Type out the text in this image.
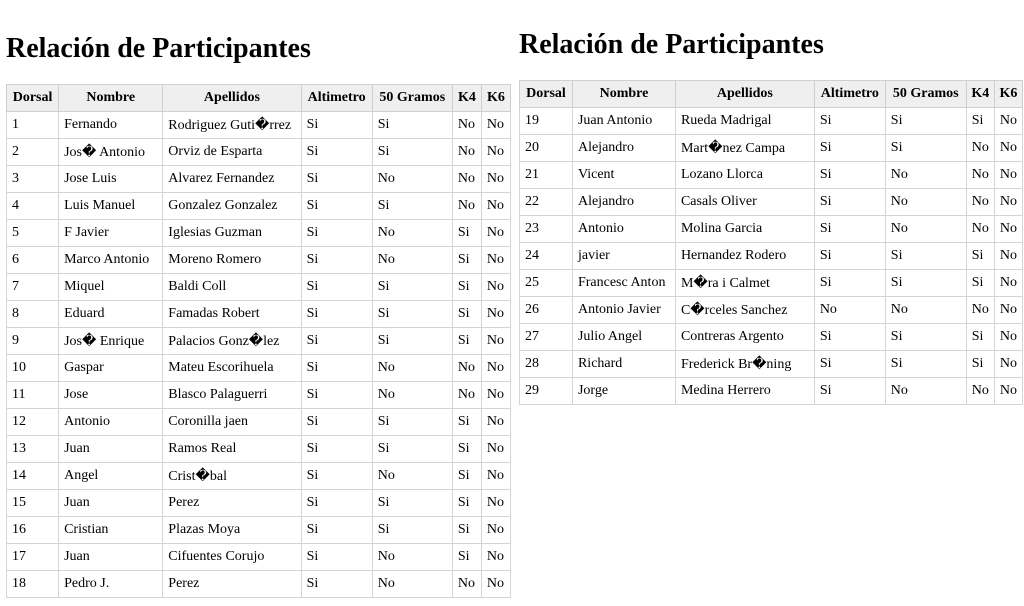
Relación de Participantes
Dorsal	Nombre	Apellidos	Altimetro	50 Gramos	K4	K6
1	Fernando	Rodriguez Guti�rrez	Si	Si	No	No
2	Jos� Antonio	Orviz de Esparta	Si	Si	No	No
3	Jose Luis	Alvarez Fernandez	Si	No	No	No
4	Luis Manuel	Gonzalez Gonzalez	Si	Si	No	No
5	F Javier	Iglesias Guzman	Si	No	Si	No
6	Marco Antonio	Moreno Romero	Si	No	Si	No
7	Miquel	Baldi Coll	Si	Si	Si	No
8	Eduard	Famadas Robert	Si	Si	Si	No
9	Jos� Enrique	Palacios Gonz�lez	Si	Si	Si	No
10	Gaspar	Mateu Escorihuela	Si	No	No	No
11	Jose	Blasco Palaguerri	Si	No	No	No
12	Antonio	Coronilla jaen	Si	Si	Si	No
13	Juan	Ramos Real	Si	Si	Si	No
14	Angel	Crist�bal	Si	No	Si	No
15	Juan	Perez	Si	Si	Si	No
16	Cristian	Plazas Moya	Si	Si	Si	No
17	Juan	Cifuentes Corujo	Si	No	Si	No
18	Pedro J.	Perez	Si	No	No	No
Relación de Participantes
Dorsal	Nombre	Apellidos	Altimetro	50 Gramos	K4	K6
19	Juan Antonio	Rueda Madrigal	Si	Si	Si	No
20	Alejandro	Mart�nez Campa	Si	Si	No	No
21	Vicent	Lozano Llorca	Si	No	No	No
22	Alejandro	Casals Oliver	Si	No	No	No
23	Antonio	Molina Garcia	Si	No	No	No
24	javier	Hernandez Rodero	Si	Si	Si	No
25	Francesc Anton	M�ra i Calmet	Si	Si	Si	No
26	Antonio Javier	C�rceles Sanchez	No	No	No	No
27	Julio Angel	Contreras Argento	Si	Si	Si	No
28	Richard	Frederick Br�ning	Si	Si	Si	No
29	Jorge	Medina Herrero	Si	No	No	No
